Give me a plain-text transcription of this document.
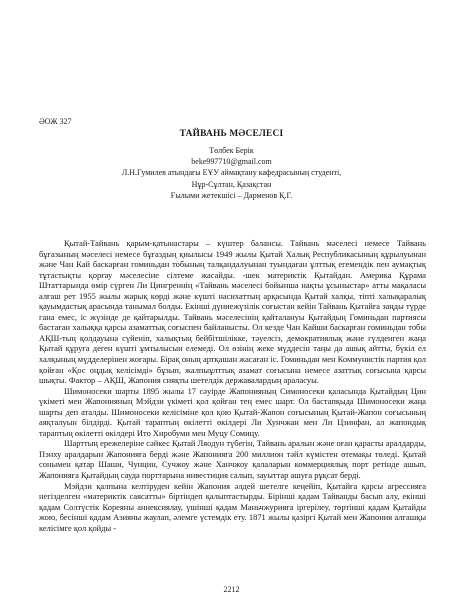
ӘОЖ 327
ТАЙВАНЬ МӘСЕЛЕСІ
Төлбек Берік
beke997710@gmail.com
Л.Н.Гумилев атындағы ЕҰУ аймақтану кафедрасының студенті,
Нұр-Сұлтан, Қазақстан
Ғылыми жетекшісі – Дарменов Қ.Г.

Қытай-Тайвань қарым-қатынастары – күштер балансы. Тайвань мәселесі немесе Тайвань бұғазының мәселесі немесе бұғаздың қиылысы 1949 жылы Қытай Халық Республикасының құрылуынан және Чан Кай баскарған гоминьдан тобының талқандалуынан туындаған ұлттық егемендік пен аумақтық тұтастықты қорғау мәселесіне сілтеме жасайды. -шек материктік Қытайдан. Америка Құрама Штаттарында өмір сүрген Ли Цингреннің «Тайвань мәселесі бойынша нақты ұсыныстар» атты мақаласы алғаш рет 1955 жылы жарық көрді және күшті насихаттың арқасында Қытай халқы, тіпті халықаралық қауымдастық арасында танымал болды. Екінші дүниежүзілік соғыстан кейін Тайвань Қытайға заңды түрде гана емес, іс жүзінде де қайтарылды. Тайвань мәселесінің қайталануы Қытайдың Гоминьдан партиясы бастаған халыққа қарсы азаматтық соғыспен байланысты. Ол кезде Чан Кайши баскарған гоминьдан тобы АҚШ-тың қолдауына сүйеніп, халықтың бейбітшілікке, тәуелсіз, демократиялық және гүлденген жаңа Қытай құруға деген күшті ұмтылысын елемеді. Ол өзінің жеке мүддесін таңы да ашық айтты, бүкіл ел халқының мүдделерінен жоғары. Бірақ оның артқашан жасаған іс. Гоминьдан мен Коммунистік партия қол қойған «Қос оңдық келісімді» бұзып, жалпыұлттық азамат соғысына немесе азаттық соғысына қарсы шықты. Фактор – АҚШ, Жапония сияқты шетелдік державалардың араласуы.

Шимоносеки шарты 1895 жылы 17 сәуірде Жапонияның Симоносеки қаласында Қытайдың Цин үкіметі мен Жапонияның Мэйдзи үкіметі қол қойған тең емес шарт. Ол бастапқыда Шимоносеки жаңа шарты деп аталды. Шимоносеки келісіміне қол қою Қытай-Жапон соғысының Қытай-Жапон соғысының аяқталуын білдірді. Қытай тараптың өкілетті өкілдері Ли Хунчжан мен Ли Цзинфан, ал жапондық тараптың өкілетті өкілдері Ито Хиробуми мен Муцу Сомицу.

Шарттың ережелеріне сәйкес Қытай Ляодун түбегін, Тайвань аралын және оған қарасты аралдарды, Пэнху аралдарын Жапонияға берді және Жапонияға 200 миллион тәйл күмістен өтемақы төледі. Қытай сонымен қатар Шаши, Чунцин, Сучжоу және Ханчжоу қалаларын коммерциялық порт ретінде ашып, Жапонияға Қытайдың сауда порттарына инвестиция салып, зауыттар ашуға рұқсат берді.

Мэйдзи қалпына келтіруден кейін Жапония әлдей шетелге кеңейіп, Қытайға қарсы агрессияға негізделген «материктік саясатты» біртіндеп қалыптастырды. Бірінші қадам Тайванды басып алу, екінші қадам Солтүстік Кореяны аннексиялау, үшінші қадам Маньчжурияға іргерілеу, төртінші қадам Қытайды жою, бесінші қадам Азияны жаулап, әлемге үстемдік ету. 1871 жылы қазіргі Қытай мен Жапония алғашқы келісімге қол қойды -

2212
